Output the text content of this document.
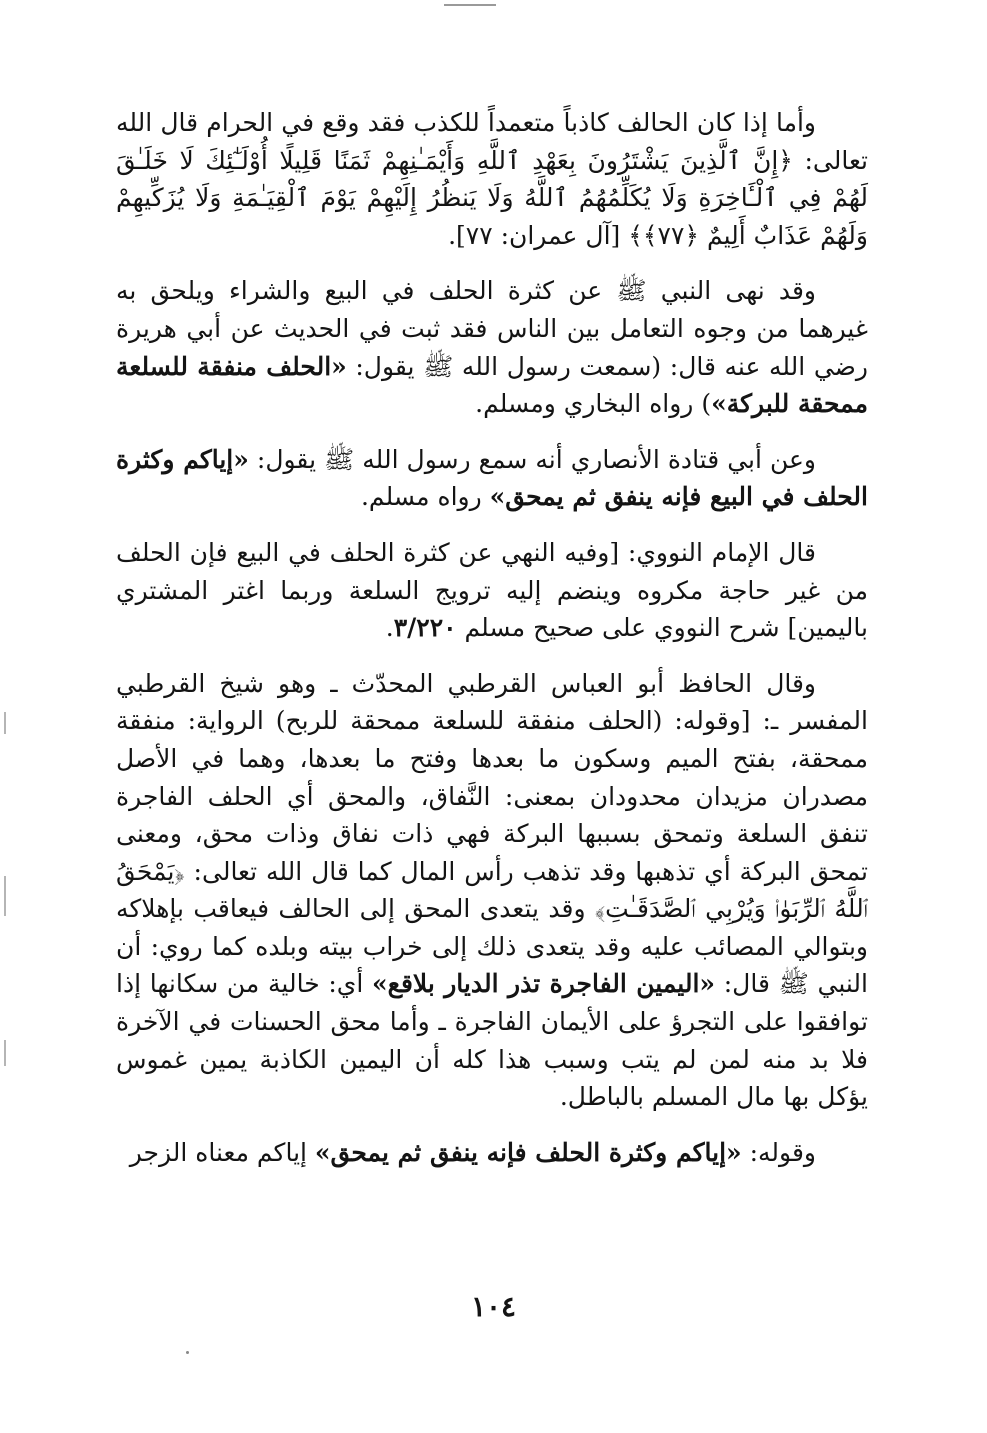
وأما إذا كان الحالف كاذباً متعمداً للكذب فقد وقع في الحرام قال الله تعالى: ﴿إِنَّ ٱلَّذِينَ يَشْتَرُونَ بِعَهْدِ ٱللَّهِ وَأَيْمَـٰنِهِمْ ثَمَنًا قَلِيلًا أُوْلَـٰٓئِكَ لَا خَلَـٰقَ لَهُمْ فِي ٱلْـَٔاخِرَةِ وَلَا يُكَلِّمُهُمُ ٱللَّهُ وَلَا يَنظُرُ إِلَيْهِمْ يَوْمَ ٱلْقِيَـٰمَةِ وَلَا يُزَكِّيهِمْ وَلَهُمْ عَذَابٌ أَلِيمٌ ﴿٧٧﴾﴾ [آل عمران: ٧٧].

وقد نهى النبي ﷺ عن كثرة الحلف في البيع والشراء ويلحق به غيرهما من وجوه التعامل بين الناس فقد ثبت في الحديث عن أبي هريرة رضي الله عنه قال: (سمعت رسول الله ﷺ يقول: «الحلف منفقة للسلعة ممحقة للبركة») رواه البخاري ومسلم.

وعن أبي قتادة الأنصاري أنه سمع رسول الله ﷺ يقول: «إياكم وكثرة الحلف في البيع فإنه ينفق ثم يمحق» رواه مسلم.

قال الإمام النووي: [وفيه النهي عن كثرة الحلف في البيع فإن الحلف من غير حاجة مكروه وينضم إليه ترويج السلعة وربما اغتر المشتري باليمين] شرح النووي على صحيح مسلم ٣/٢٢٠.

وقال الحافظ أبو العباس القرطبي المحدّث ـ وهو شيخ القرطبي المفسر ـ: [وقوله: (الحلف منفقة للسلعة ممحقة للربح) الرواية: منفقة ممحقة، بفتح الميم وسكون ما بعدها وفتح ما بعدها، وهما في الأصل مصدران مزيدان محدودان بمعنى: النَّفاق، والمحق أي الحلف الفاجرة تنفق السلعة وتمحق بسببها البركة فهي ذات نفاق وذات محق، ومعنى تمحق البركة أي تذهبها وقد تذهب رأس المال كما قال الله تعالى: ﴿يَمْحَقُ ٱللَّهُ ٱلرِّبَوٰا۟ وَيُرْبِي ٱلصَّدَقَـٰتِ﴾ وقد يتعدى المحق إلى الحالف فيعاقب بإهلاكه وبتوالي المصائب عليه وقد يتعدى ذلك إلى خراب بيته وبلده كما روي: أن النبي ﷺ قال: «اليمين الفاجرة تذر الديار بلاقع» أي: خالية من سكانها إذا توافقوا على التجرؤ على الأيمان الفاجرة ـ وأما محق الحسنات في الآخرة فلا بد منه لمن لم يتب وسبب هذا كله أن اليمين الكاذبة يمين غموس يؤكل بها مال المسلم بالباطل.

وقوله: «إياكم وكثرة الحلف فإنه ينفق ثم يمحق» إياكم معناه الزجر

١٠٤
